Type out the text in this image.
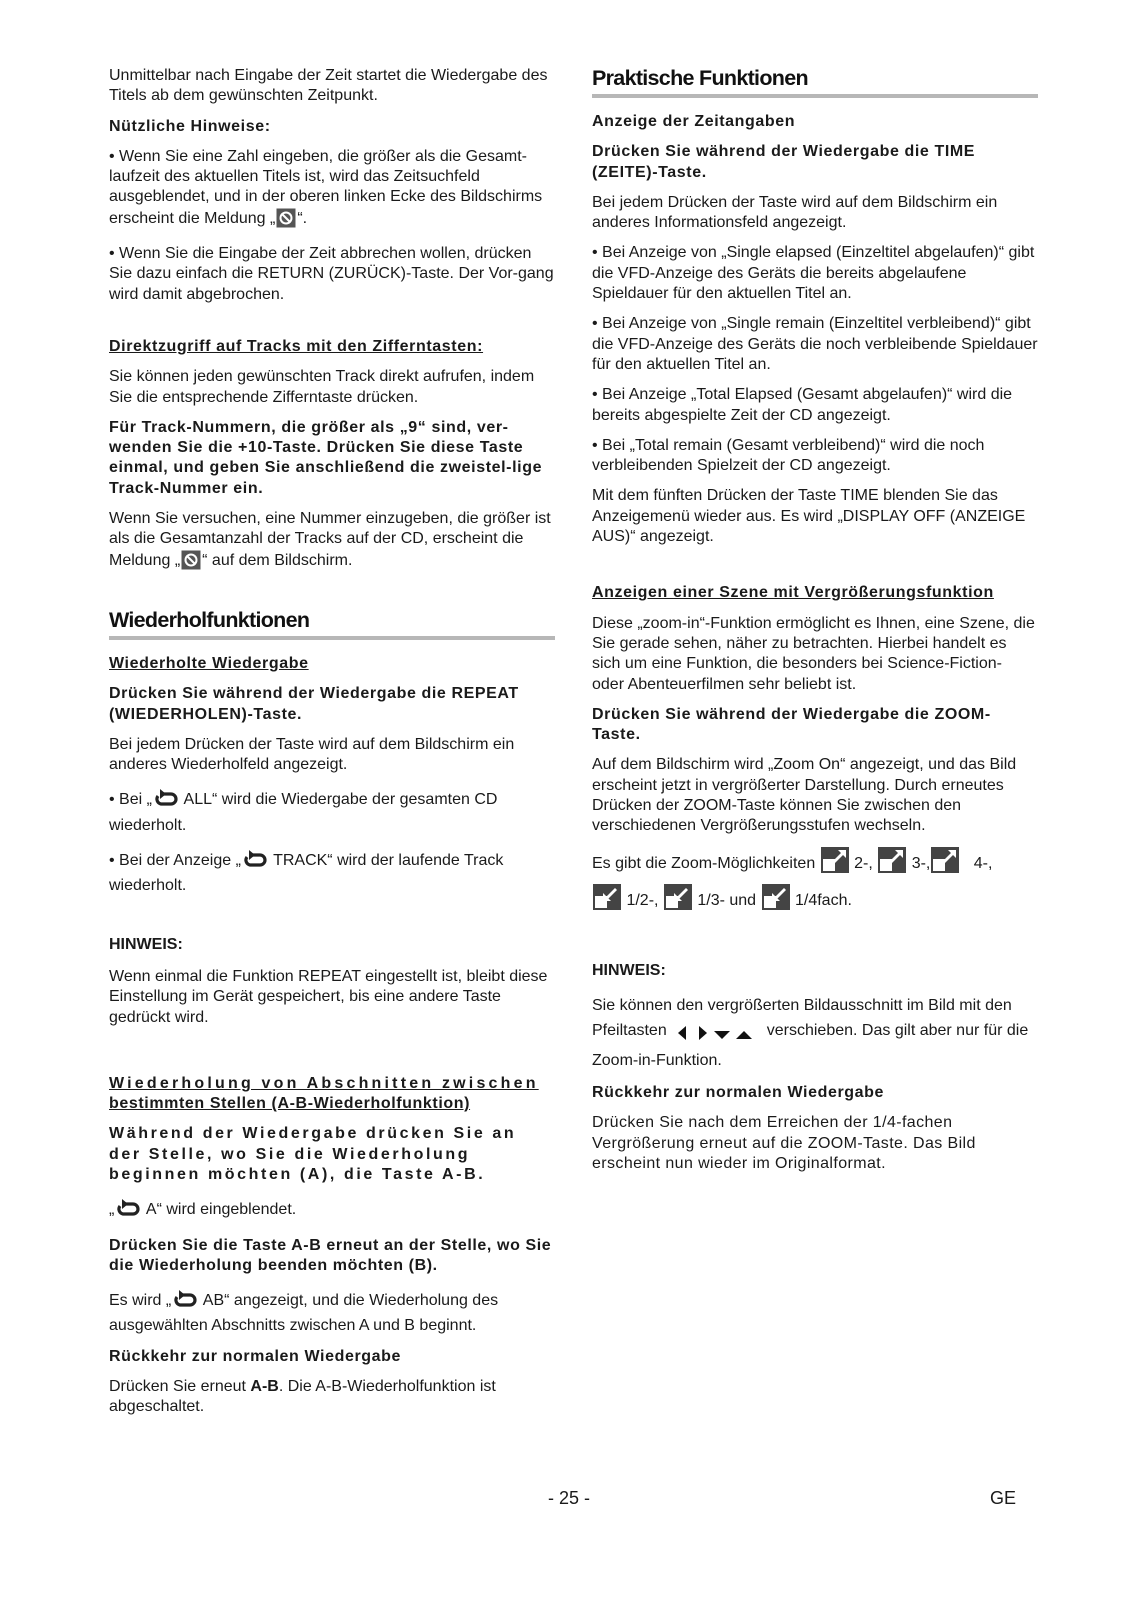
Unmittelbar nach Eingabe der Zeit startet die Wiedergabe des Titels ab dem gewünschten Zeitpunkt.

Nützliche Hinweise:

• Wenn Sie eine Zahl eingeben, die größer als die Gesamt-laufzeit des aktuellen Titels ist, wird das Zeitsuchfeld ausgeblendet, und in der oberen linken Ecke des Bildschirms erscheint die Meldung „ “.

• Wenn Sie die Eingabe der Zeit abbrechen wollen, drücken Sie dazu einfach die RETURN (ZURÜCK)-Taste. Der Vor-gang wird damit abgebrochen.

Direktzugriff auf Tracks mit den Zifferntasten:

Sie können jeden gewünschten Track direkt aufrufen, indem Sie die entsprechende Zifferntaste drücken.

Für Track-Nummern, die größer als „9“ sind, ver-wenden Sie die +10-Taste. Drücken Sie diese Taste einmal, und geben Sie anschließend die zweistel-lige Track-Nummer ein.

Wenn Sie versuchen, eine Nummer einzugeben, die größer ist als die Gesamtanzahl der Tracks auf der CD, erscheint die Meldung „ “ auf dem Bildschirm.

Wiederholfunktionen

Wiederholte Wiedergabe

Drücken Sie während der Wiedergabe die REPEAT (WIEDERHOLEN)-Taste.

Bei jedem Drücken der Taste wird auf dem Bildschirm ein anderes Wiederholfeld angezeigt.

• Bei „ ALL“ wird die Wiedergabe der gesamten CD wiederholt.

• Bei der Anzeige „ TRACK“ wird der laufende Track wiederholt.

HINWEIS:

Wenn einmal die Funktion REPEAT eingestellt ist, bleibt diese Einstellung im Gerät gespeichert, bis eine andere Taste gedrückt wird.

Wiederholung von Abschnitten zwischen
bestimmten Stellen (A-B-Wiederholfunktion)

Während der Wiedergabe drücken Sie an der Stelle, wo Sie die Wiederholung beginnen möchten (A), die Taste A-B.

„ A“ wird eingeblendet.

Drücken Sie die Taste A-B erneut an der Stelle, wo Sie die Wiederholung beenden möchten (B).

Es wird „ AB“ angezeigt, und die Wiederholung des ausgewählten Abschnitts zwischen A und B beginnt.

Rückkehr zur normalen Wiedergabe

Drücken Sie erneut A-B. Die A-B-Wiederholfunktion ist abgeschaltet.

Praktische Funktionen

Anzeige der Zeitangaben

Drücken Sie während der Wiedergabe die TIME (ZEITE)-Taste.

Bei jedem Drücken der Taste wird auf dem Bildschirm ein anderes Informationsfeld angezeigt.

• Bei Anzeige von „Single elapsed (Einzeltitel abgelaufen)“ gibt die VFD-Anzeige des Geräts die bereits abgelaufene Spieldauer für den aktuellen Titel an.

• Bei Anzeige von „Single remain (Einzeltitel verbleibend)“ gibt die VFD-Anzeige des Geräts die noch verbleibende Spieldauer für den aktuellen Titel an.

• Bei Anzeige „Total Elapsed (Gesamt abgelaufen)“ wird die bereits abgespielte Zeit der CD angezeigt.

• Bei „Total remain (Gesamt verbleibend)“ wird die noch verbleibenden Spielzeit der CD angezeigt.

Mit dem fünften Drücken der Taste TIME blenden Sie das Anzeigemenü wieder aus. Es wird „DISPLAY OFF (ANZEIGE AUS)“ angezeigt.

Anzeigen einer Szene mit Vergrößerungsfunktion

Diese „zoom-in“-Funktion ermöglicht es Ihnen, eine Szene, die Sie gerade sehen, näher zu betrachten. Hierbei handelt es sich um eine Funktion, die besonders bei Science-Fiction- oder Abenteuerfilmen sehr beliebt ist.

Drücken Sie während der Wiedergabe die ZOOM-Taste.

Auf dem Bildschirm wird „Zoom On“ angezeigt, und das Bild erscheint jetzt in vergrößerter Darstellung. Durch erneutes Drücken der ZOOM-Taste können Sie zwischen den verschiedenen Vergrößerungsstufen wechseln.

Es gibt die Zoom-Möglichkeiten  2-,  3-,   4-,
1/2-,  1/3- und  1/4fach.

HINWEIS:

Sie können den vergrößerten Bildausschnitt im Bild mit den
Pfeiltasten	verschieben. Das gilt aber nur für die Zoom-in-Funktion.

Rückkehr zur normalen Wiedergabe

Drücken Sie nach dem Erreichen der 1/4-fachen Vergrößerung erneut auf die ZOOM-Taste. Das Bild erscheint nun wieder im Originalformat.

- 25 -	GE
